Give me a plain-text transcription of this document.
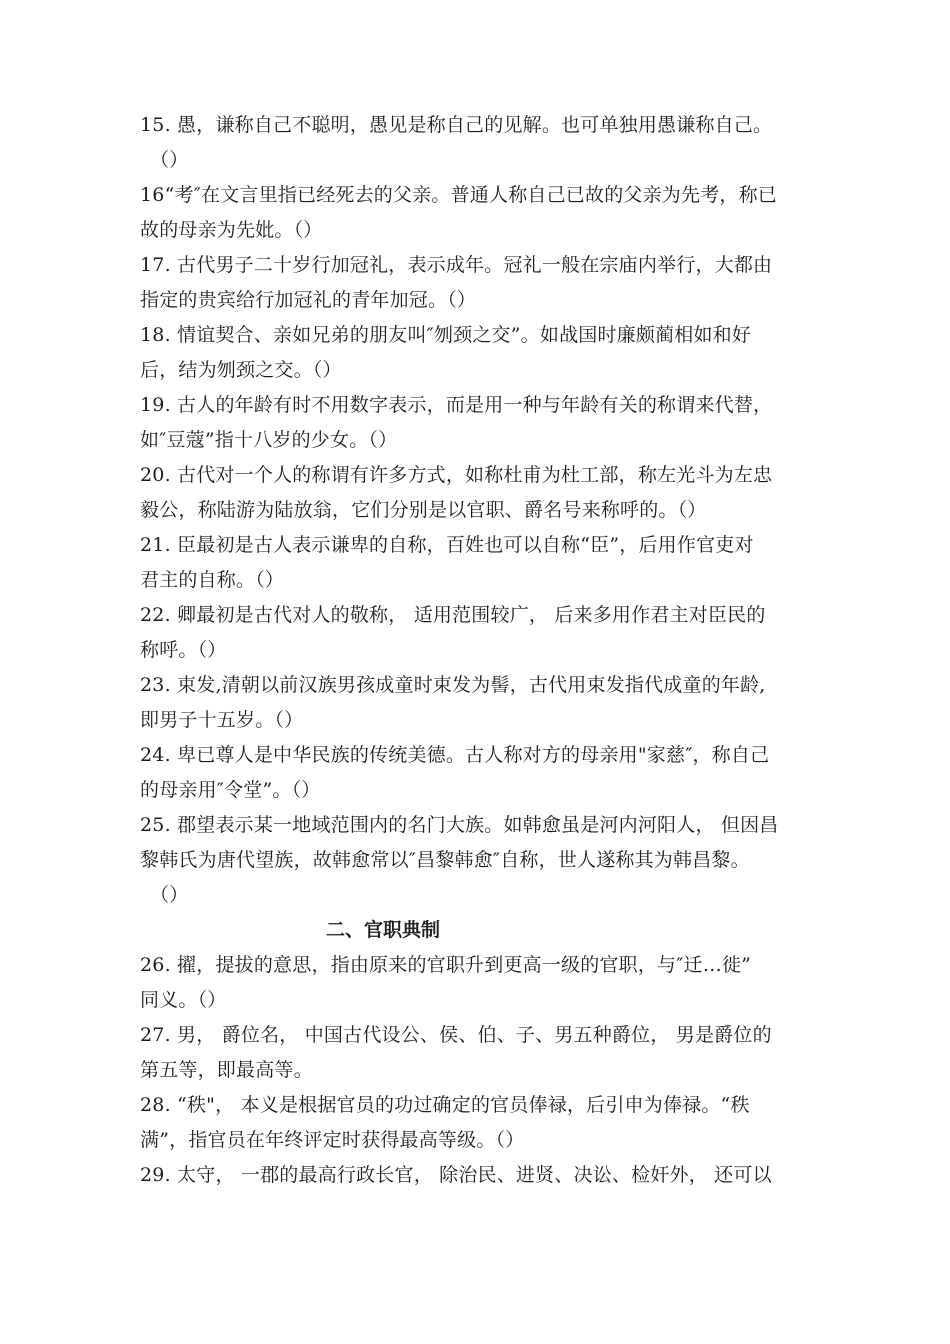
15. 愚，谦称自己不聪明，愚见是称自己的见解。也可单独用愚谦称自己。

（）

16“考″在文言里指已经死去的父亲。普通人称自己已故的父亲为先考，称已

故的母亲为先妣。（）

17. 古代男子二十岁行加冠礼，表示成年。冠礼一般在宗庙内举行，大都由

指定的贵宾给行加冠礼的青年加冠。（）

18. 情谊契合、亲如兄弟的朋友叫″刎颈之交”。如战国时廉颇蔺相如和好

后，结为刎颈之交。（）

19. 古人的年龄有时不用数字表示，而是用一种与年龄有关的称谓来代替，

如″豆蔻”指十八岁的少女。（）

20. 古代对一个人的称谓有许多方式，如称杜甫为杜工部，称左光斗为左忠

毅公，称陆游为陆放翁，它们分别是以官职、爵名号来称呼的。（）

21. 臣最初是古人表示谦卑的自称，百姓也可以自称“臣”，后用作官吏对

君主的自称。（）

22. 卿最初是古代对人的敬称， 适用范围较广， 后来多用作君主对臣民的

称呼。（）

23. 束发,清朝以前汉族男孩成童时束发为髻，古代用束发指代成童的年龄,

即男子十五岁。（）

24. 卑已尊人是中华民族的传统美德。古人称对方的母亲用"家慈″，称自己

的母亲用″令堂”。（）

25. 郡望表示某一地域范围内的名门大族。如韩愈虽是河内河阳人， 但因昌

黎韩氏为唐代望族，故韩愈常以″昌黎韩愈″自称，世人遂称其为韩昌黎。

（）

二、官职典制

26. 擢，提拔的意思，指由原来的官职升到更高一级的官职，与″迁…徙”

同义。（）

27. 男， 爵位名， 中国古代设公、侯、伯、子、男五种爵位， 男是爵位的

第五等，即最高等。

28. “秩"， 本义是根据官员的功过确定的官员俸禄，后引申为俸禄。“秩

满”，指官员在年终评定时获得最高等级。（）

29. 太守， 一郡的最高行政长官， 除治民、进贤、决讼、检奸外， 还可以
